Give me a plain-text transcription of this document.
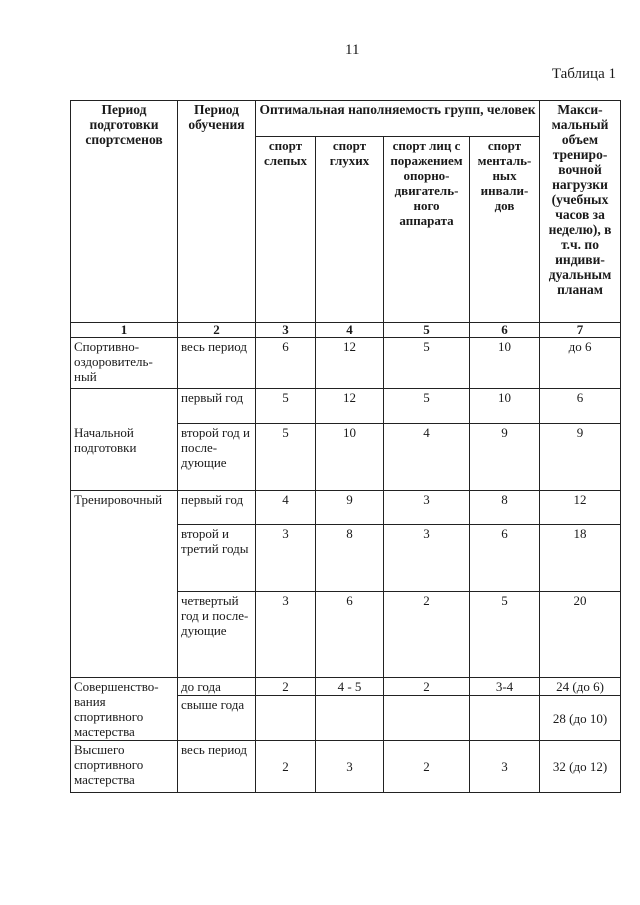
11
Таблица 1
Период подготовки спортсменов	Период обучения	Оптимальная наполняемость групп, человек				Макси-мальный объем трениро-вочной нагрузки (учебных часов за неделю), в т.ч. по индиви-дуальным планам
		спорт слепых	спорт глухих	спорт лиц с поражением опорно-двигатель-ного аппарата	спорт менталь-ных инвали-дов	
1	2	3	4	5	6	7
Спортивно-оздоровитель-ный	весь период	6	12	5	10	до 6
Начальной подготовки	первый год	5	12	5	10	6
	второй год и после-дующие	5	10	4	9	9
Тренировочный	первый год	4	9	3	8	12
	второй и третий годы	3	8	3	6	18
	четвертый год и после-дующие	3	6	2	5	20
Совершенство-вания спортивного мастерства	до года	2	4 - 5	2	3-4	24 (до 6)
	свыше года					28 (до 10)
Высшего спортивного мастерства	весь период	2	3	2	3	32 (до 12)
